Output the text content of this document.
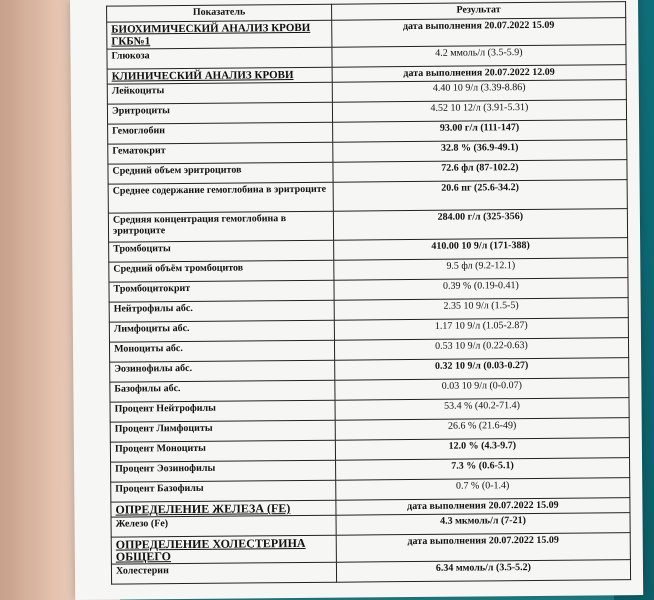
Показатель	Результат
БИОХИМИЧЕСКИЙ АНАЛИЗ КРОВИ ГКБ№1	дата выполнения 20.07.2022 15.09
Глюкоза	4.2 ммоль/л (3.5-5.9)
КЛИНИЧЕСКИЙ АНАЛИЗ КРОВИ	дата выполнения 20.07.2022 12.09
Лейкоциты	4.40 10 9/л (3.39-8.86)
Эритроциты	4.52 10 12/л (3.91-5.31)
Гемоглобин	93.00 г/л (111-147)
Гематокрит	32.8 % (36.9-49.1)
Средний объем эритроцитов	72.6 фл (87-102.2)
Среднее содержание гемоглобина в эритроците	20.6 пг (25.6-34.2)
Средняя концентрация гемоглобина в эритроците	284.00 г/л (325-356)
Тромбоциты	410.00 10 9/л (171-388)
Средний объём тромбоцитов	9.5 фл (9.2-12.1)
Тромбоцитокрит	0.39 % (0.19-0.41)
Нейтрофилы абс.	2.35 10 9/л (1.5-5)
Лимфоциты абс.	1.17 10 9/л (1.05-2.87)
Моноциты абс.	0.53 10 9/л (0.22-0.63)
Эозинофилы абс.	0.32 10 9/л (0.03-0.27)
Базофилы абс.	0.03 10 9/л (0-0.07)
Процент Нейтрофилы	53.4 % (40.2-71.4)
Процент Лимфоциты	26.6 % (21.6-49)
Процент Моноциты	12.0 % (4.3-9.7)
Процент Эозинофилы	7.3 % (0.6-5.1)
Процент Базофилы	0.7 % (0-1.4)
ОПРЕДЕЛЕНИЕ ЖЕЛЕЗА (FE)	дата выполнения 20.07.2022 15.09
Железо (Fe)	4.3 мкмоль/л (7-21)
ОПРЕДЕЛЕНИЕ ХОЛЕСТЕРИНА ОБЩЕГО	дата выполнения 20.07.2022 15.09
Холестерин	6.34 ммоль/л (3.5-5.2)
